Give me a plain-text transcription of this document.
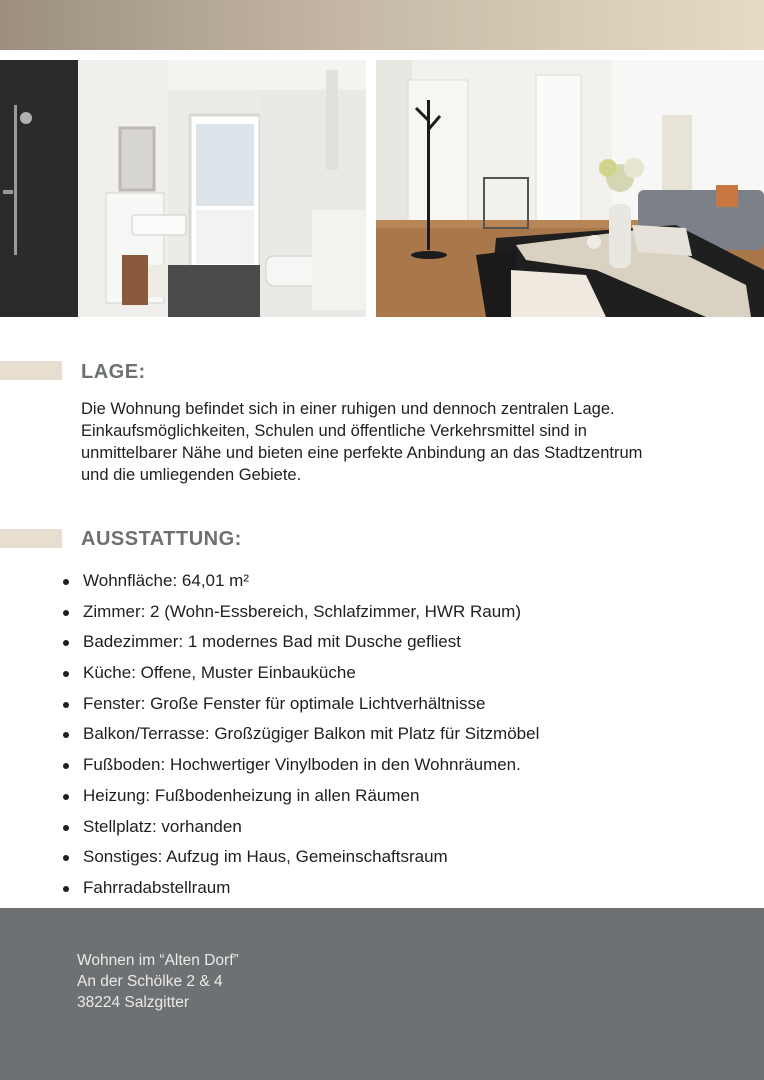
LAGE:

Die Wohnung befindet sich in einer ruhigen und dennoch zentralen Lage. Einkaufsmöglichkeiten, Schulen und öffentliche Verkehrsmittel sind in unmittelbarer Nähe und bieten eine perfekte Anbindung an das Stadtzentrum und die umliegenden Gebiete.

AUSSTATTUNG:
Wohnfläche: 64,01 m²
Zimmer: 2 (Wohn-Essbereich, Schlafzimmer, HWR Raum)
Badezimmer: 1 modernes Bad mit Dusche gefliest
Küche: Offene, Muster Einbauküche
Fenster: Große Fenster für optimale Lichtverhältnisse
Balkon/Terrasse: Großzügiger Balkon mit Platz für Sitzmöbel
Fußboden: Hochwertiger Vinylboden in den Wohnräumen.
Heizung: Fußbodenheizung in allen Räumen
Stellplatz: vorhanden
Sonstiges: Aufzug im Haus, Gemeinschaftsraum
Fahrradabstellraum
Wohnen im “Alten Dorf”
An der Schölke 2 & 4
38224 Salzgitter
